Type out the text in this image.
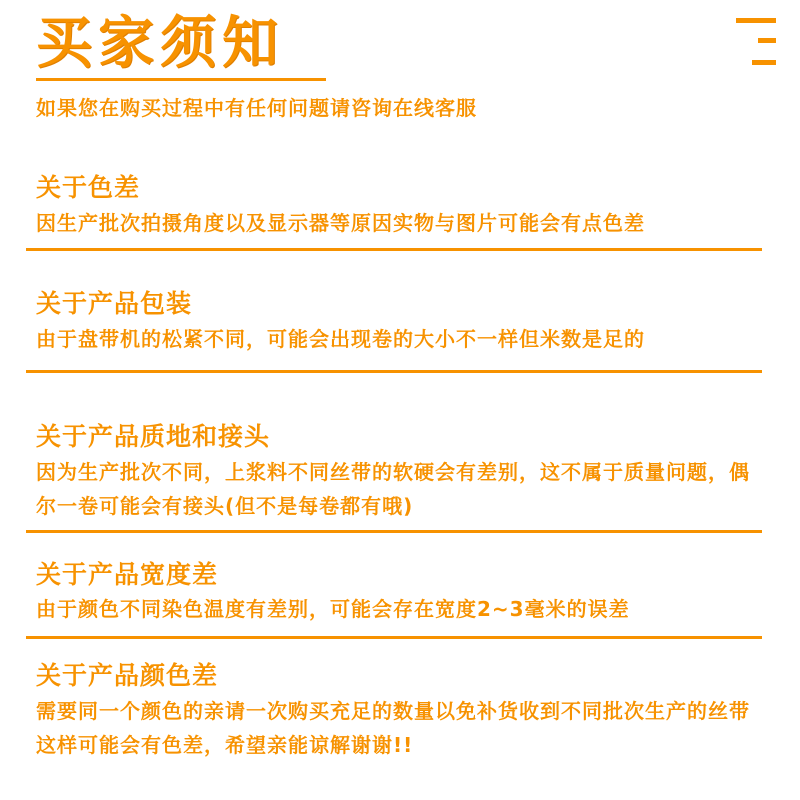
买家须知
如果您在购买过程中有任何问题请咨询在线客服
关于色差
因生产批次拍摄角度以及显示器等原因实物与图片可能会有点色差
关于产品包装
由于盘带机的松紧不同，可能会出现卷的大小不一样但米数是足的
关于产品质地和接头
因为生产批次不同，上浆料不同丝带的软硬会有差别，这不属于质量问题，偶尔一卷可能会有接头(但不是每卷都有哦)
关于产品宽度差
由于颜色不同染色温度有差别，可能会存在宽度2~3毫米的误差
关于产品颜色差
需要同一个颜色的亲请一次购买充足的数量以免补货收到不同批次生产的丝带这样可能会有色差，希望亲能谅解谢谢!!
